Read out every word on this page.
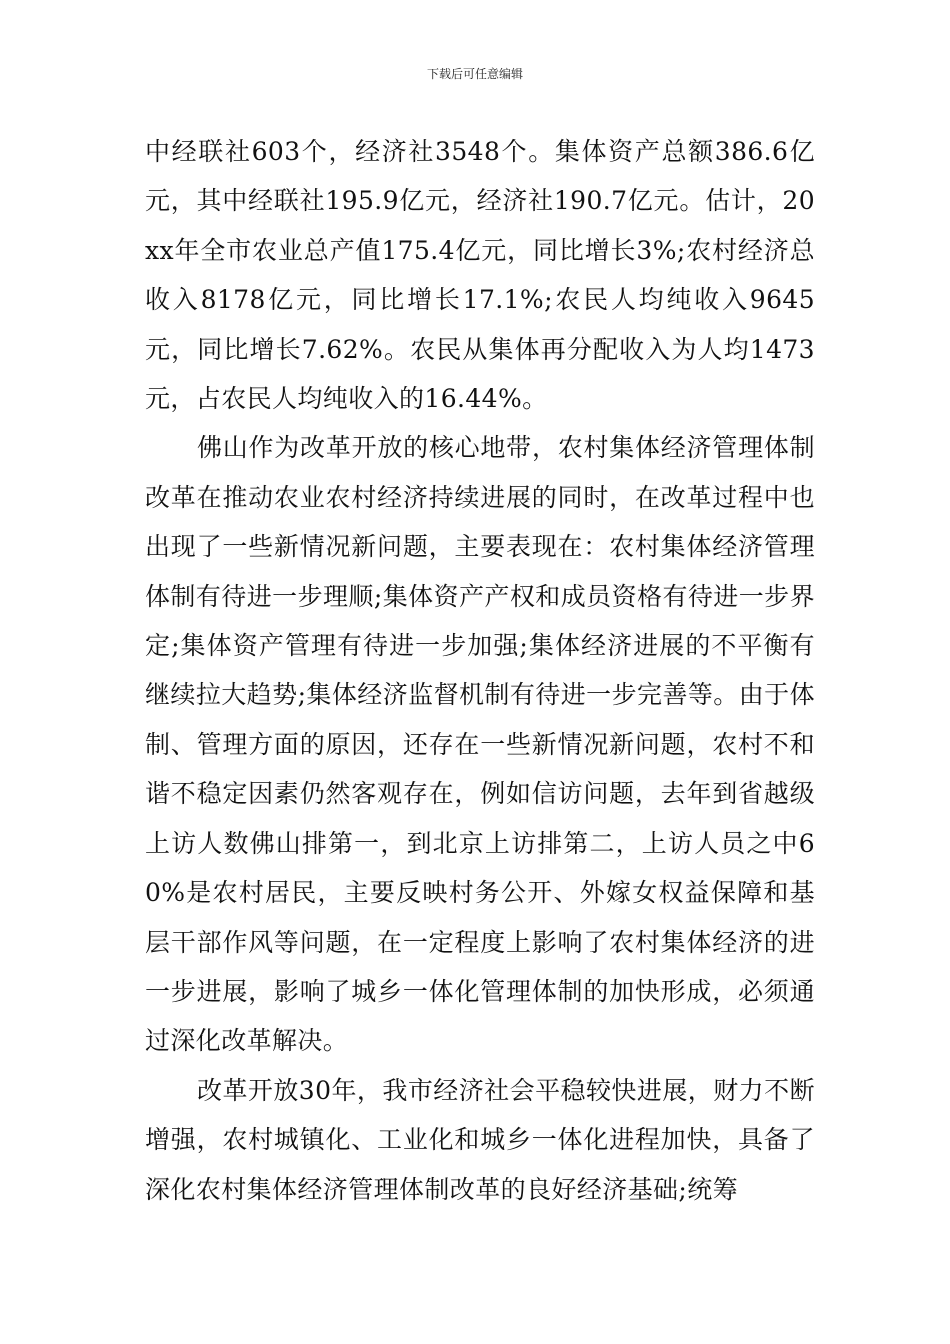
下载后可任意编辑

中经联社603个，经济社3548个。集体资产总额386.6亿元，其中经联社195.9亿元，经济社190.7亿元。估计，20xx年全市农业总产值175.4亿元，同比增长3%;农村经济总收入8178亿元，同比增长17.1%;农民人均纯收入9645元，同比增长7.62%。农民从集体再分配收入为人均1473元，占农民人均纯收入的16.44%。

佛山作为改革开放的核心地带，农村集体经济管理体制改革在推动农业农村经济持续进展的同时，在改革过程中也出现了一些新情况新问题，主要表现在：农村集体经济管理体制有待进一步理顺;集体资产产权和成员资格有待进一步界定;集体资产管理有待进一步加强;集体经济进展的不平衡有继续拉大趋势;集体经济监督机制有待进一步完善等。由于体制、管理方面的原因，还存在一些新情况新问题，农村不和谐不稳定因素仍然客观存在，例如信访问题，去年到省越级上访人数佛山排第一，到北京上访排第二，上访人员之中60%是农村居民，主要反映村务公开、外嫁女权益保障和基层干部作风等问题，在一定程度上影响了农村集体经济的进一步进展，影响了城乡一体化管理体制的加快形成，必须通过深化改革解决。

改革开放30年，我市经济社会平稳较快进展，财力不断增强，农村城镇化、工业化和城乡一体化进程加快，具备了深化农村集体经济管理体制改革的良好经济基础;统筹
